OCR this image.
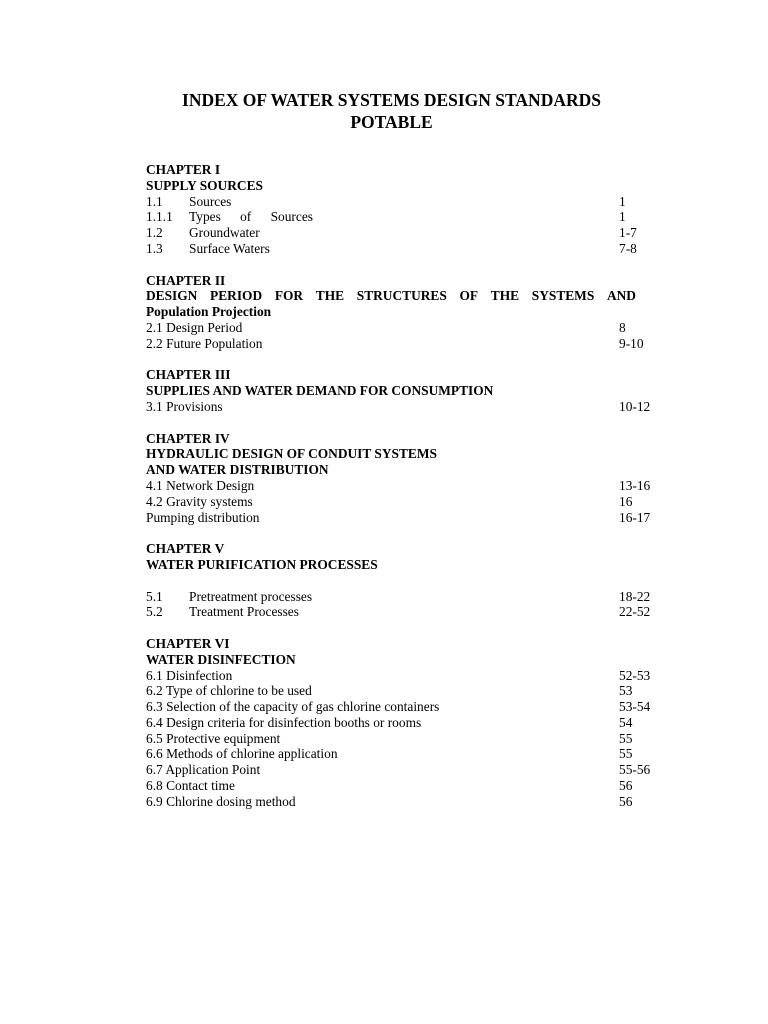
INDEX OF WATER SYSTEMS DESIGN STANDARDS
POTABLE
CHAPTER I
SUPPLY SOURCES
1.1 Sources	1
1.1.1 Types of Sources	1
1.2 Groundwater	1-7
1.3 Surface Waters	7-8
CHAPTER II
DESIGN PERIOD FOR THE STRUCTURES OF THE SYSTEMS AND
Population Projection
2.1 Design Period	8
2.2 Future Population	9-10
CHAPTER III
SUPPLIES AND WATER DEMAND FOR CONSUMPTION
3.1 Provisions	10-12
CHAPTER IV
HYDRAULIC DESIGN OF CONDUIT SYSTEMS
AND WATER DISTRIBUTION
4.1 Network Design	13-16
4.2 Gravity systems	16
Pumping distribution	16-17
CHAPTER V
WATER PURIFICATION PROCESSES
5.1 Pretreatment processes	18-22
5.2 Treatment Processes	22-52
CHAPTER VI
WATER DISINFECTION
6.1 Disinfection	52-53
6.2 Type of chlorine to be used	53
6.3 Selection of the capacity of gas chlorine containers	53-54
6.4 Design criteria for disinfection booths or rooms	54
6.5 Protective equipment	55
6.6 Methods of chlorine application	55
6.7 Application Point	55-56
6.8 Contact time	56
6.9 Chlorine dosing method	56
